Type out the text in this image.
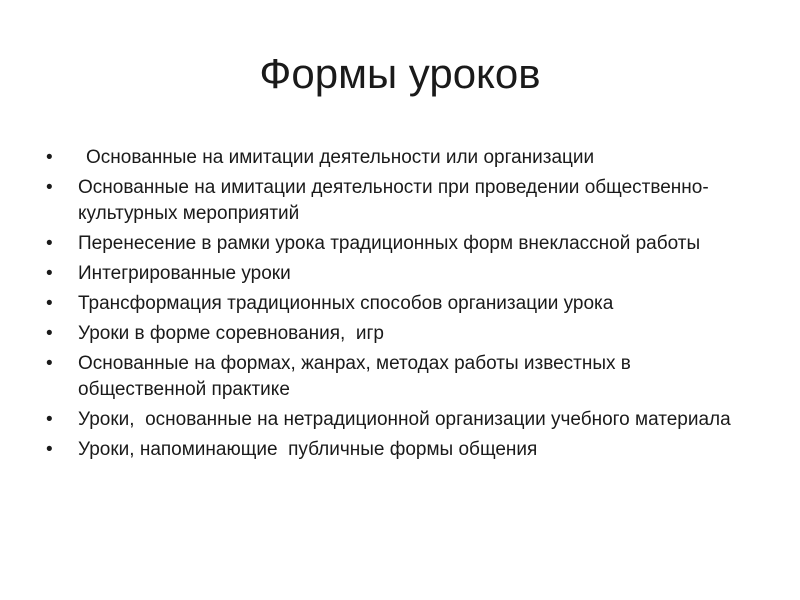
Формы уроков
• Основанные на имитации деятельности или организации
• Основанные на имитации деятельности при проведении общественно-культурных мероприятий
• Перенесение в рамки урока традиционных форм внеклассной работы
• Интегрированные уроки
• Трансформация традиционных способов организации урока
• Уроки в форме соревнования,  игр
• Основанные на формах, жанрах, методах работы известных в общественной практике
• Уроки,  основанные на нетрадиционной организации учебного материала
• Уроки, напоминающие  публичные формы общения
